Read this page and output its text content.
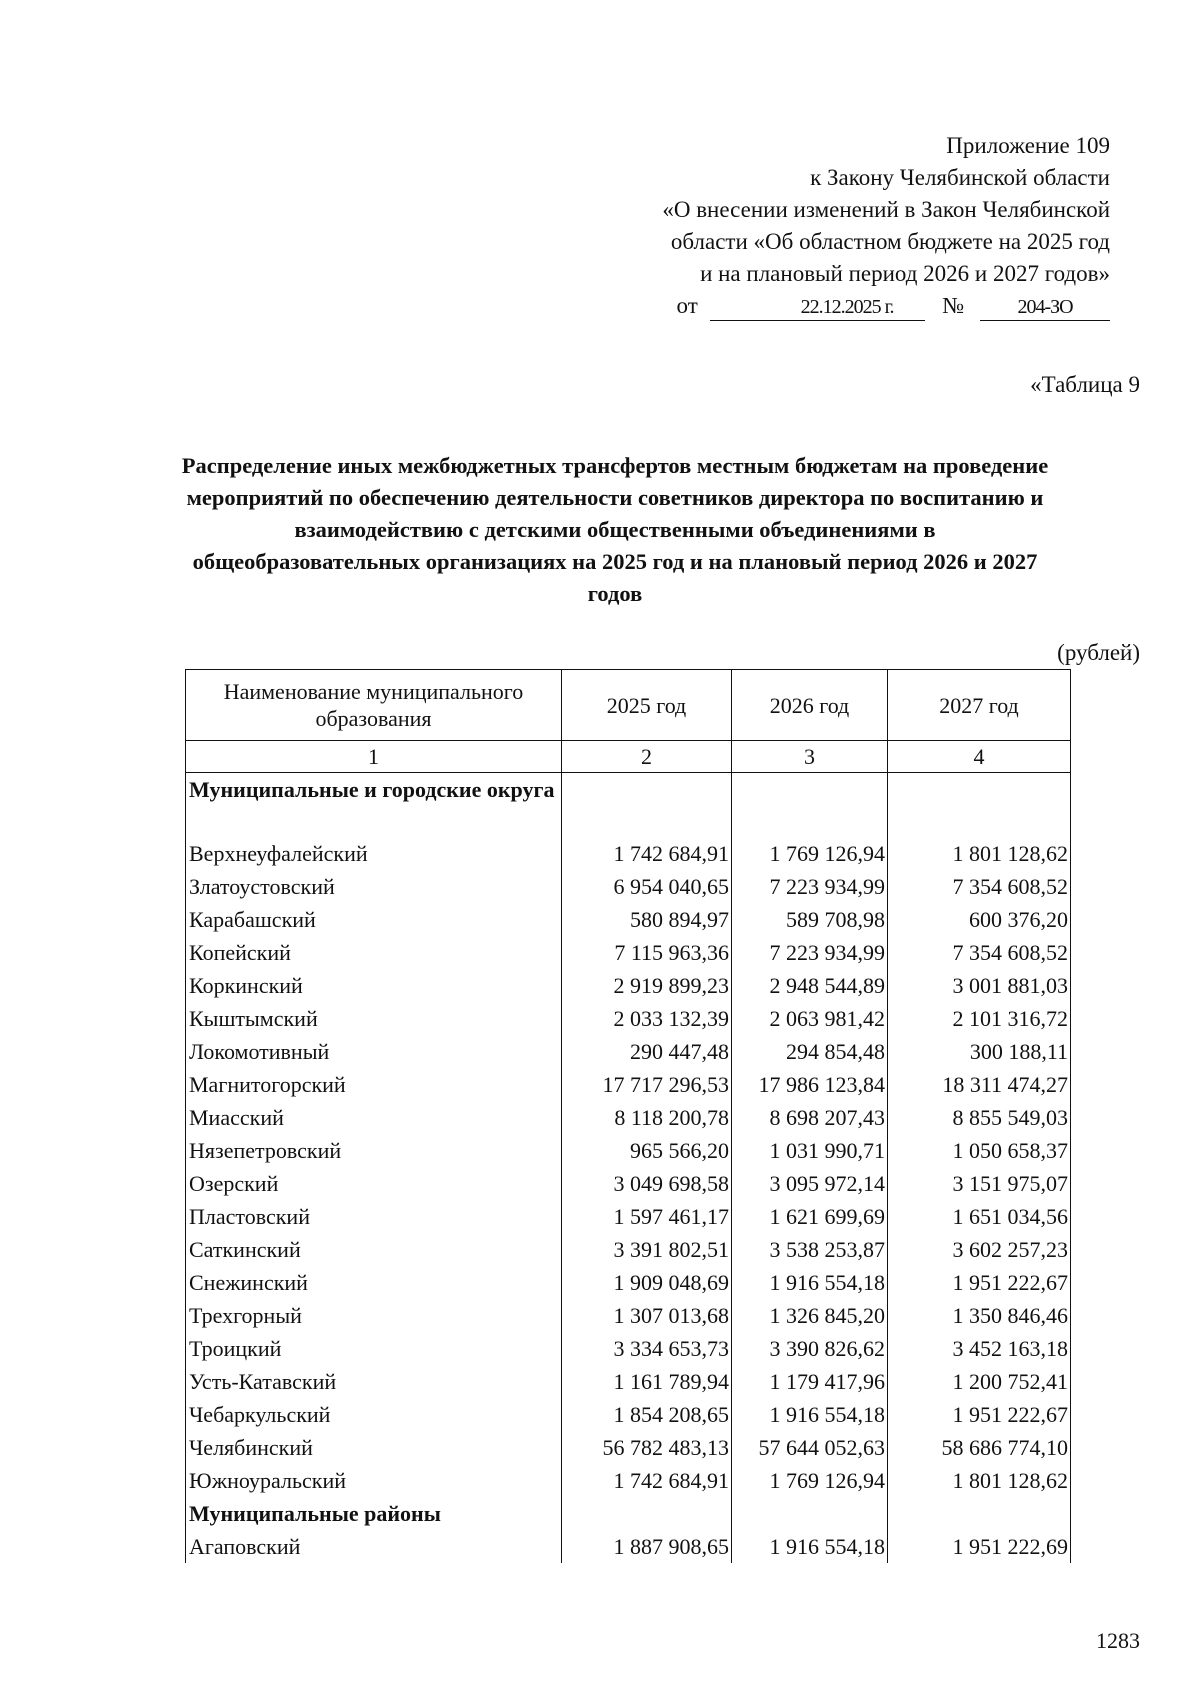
Приложение 109
к Закону Челябинской области
«О внесении изменений в Закон Челябинской
области «Об областном бюджете на 2025 год
и на плановый период 2026 и 2027 годов»
от	22.12.2025 г. №	204-ЗО
«Таблица 9
Распределение иных межбюджетных трансфертов местным бюджетам на проведение мероприятий по обеспечению деятельности советников директора по воспитанию и взаимодействию с детскими общественными объединениями в общеобразовательных организациях на 2025 год и на плановый период 2026 и 2027 годов
(рублей)
Наименование муниципального образования	2025 год	2026 год	2027 год
1	2	3	4
Муниципальные и городские округа			
Верхнеуфалейский	1 742 684,91	1 769 126,94	1 801 128,62
Златоустовский	6 954 040,65	7 223 934,99	7 354 608,52
Карабашский	580 894,97	589 708,98	600 376,20
Копейский	7 115 963,36	7 223 934,99	7 354 608,52
Коркинский	2 919 899,23	2 948 544,89	3 001 881,03
Кыштымский	2 033 132,39	2 063 981,42	2 101 316,72
Локомотивный	290 447,48	294 854,48	300 188,11
Магнитогорский	17 717 296,53	17 986 123,84	18 311 474,27
Миасский	8 118 200,78	8 698 207,43	8 855 549,03
Нязепетровский	965 566,20	1 031 990,71	1 050 658,37
Озерский	3 049 698,58	3 095 972,14	3 151 975,07
Пластовский	1 597 461,17	1 621 699,69	1 651 034,56
Саткинский	3 391 802,51	3 538 253,87	3 602 257,23
Снежинский	1 909 048,69	1 916 554,18	1 951 222,67
Трехгорный	1 307 013,68	1 326 845,20	1 350 846,46
Троицкий	3 334 653,73	3 390 826,62	3 452 163,18
Усть-Катавский	1 161 789,94	1 179 417,96	1 200 752,41
Чебаркульский	1 854 208,65	1 916 554,18	1 951 222,67
Челябинский	56 782 483,13	57 644 052,63	58 686 774,10
Южноуральский	1 742 684,91	1 769 126,94	1 801 128,62
Муниципальные районы			
Агаповский	1 887 908,65	1 916 554,18	1 951 222,69
1283
